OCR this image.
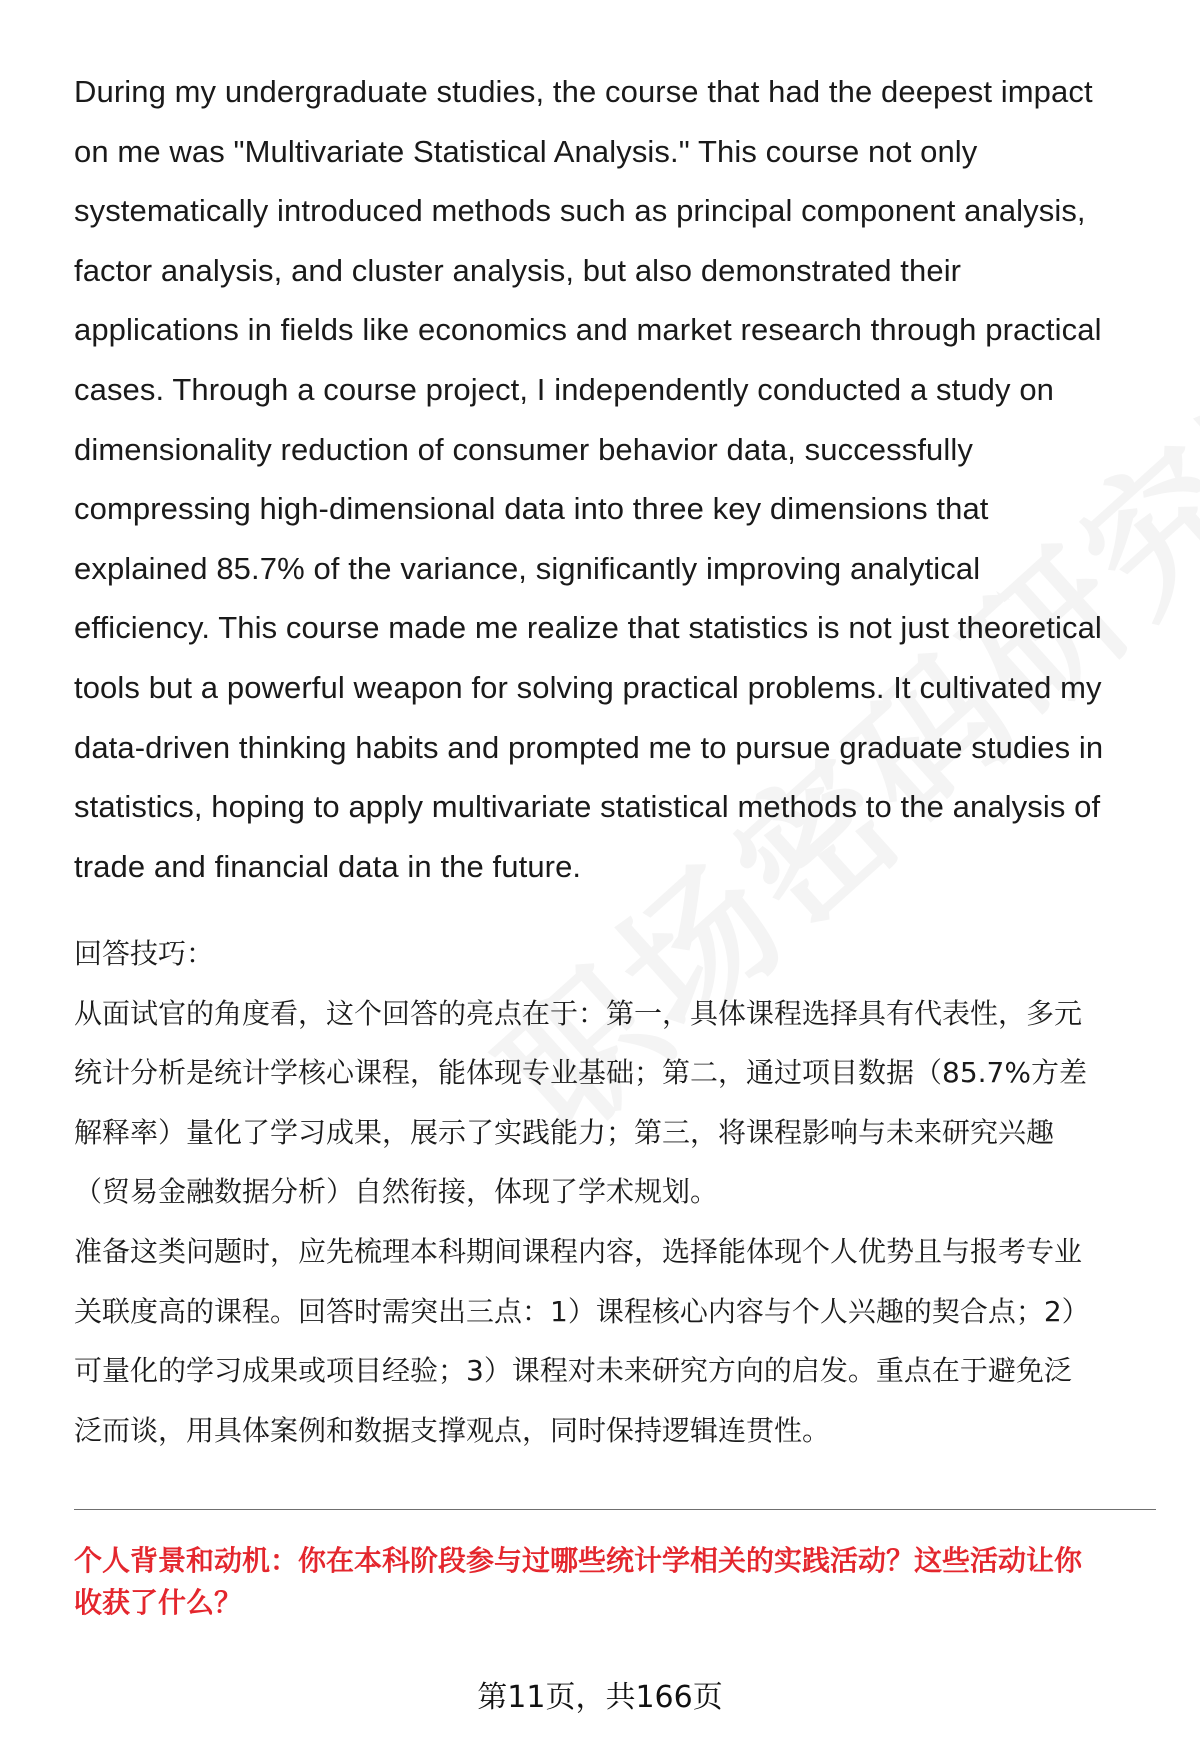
During my undergraduate studies, the course that had the deepest impact
on me was "Multivariate Statistical Analysis." This course not only
systematically introduced methods such as principal component analysis,
factor analysis, and cluster analysis, but also demonstrated their
applications in fields like economics and market research through practical
cases. Through a course project, I independently conducted a study on
dimensionality reduction of consumer behavior data, successfully
compressing high-dimensional data into three key dimensions that
explained 85.7% of the variance, significantly improving analytical
efficiency. This course made me realize that statistics is not just theoretical
tools but a powerful weapon for solving practical problems. It cultivated my
data-driven thinking habits and prompted me to pursue graduate studies in
statistics, hoping to apply multivariate statistical methods to the analysis of
trade and financial data in the future.
回答技巧：
从面试官的角度看，这个回答的亮点在于：第一，具体课程选择具有代表性，多元
统计分析是统计学核心课程，能体现专业基础；第二，通过项目数据（85.7%方差
解释率）量化了学习成果，展示了实践能力；第三，将课程影响与未来研究兴趣
（贸易金融数据分析）自然衔接，体现了学术规划。
准备这类问题时，应先梳理本科期间课程内容，选择能体现个人优势且与报考专业
关联度高的课程。回答时需突出三点：1）课程核心内容与个人兴趣的契合点；2）
可量化的学习成果或项目经验；3）课程对未来研究方向的启发。重点在于避免泛
泛而谈，用具体案例和数据支撑观点，同时保持逻辑连贯性。
个人背景和动机：你在本科阶段参与过哪些统计学相关的实践活动？这些活动让你
收获了什么？
第11页，共166页
